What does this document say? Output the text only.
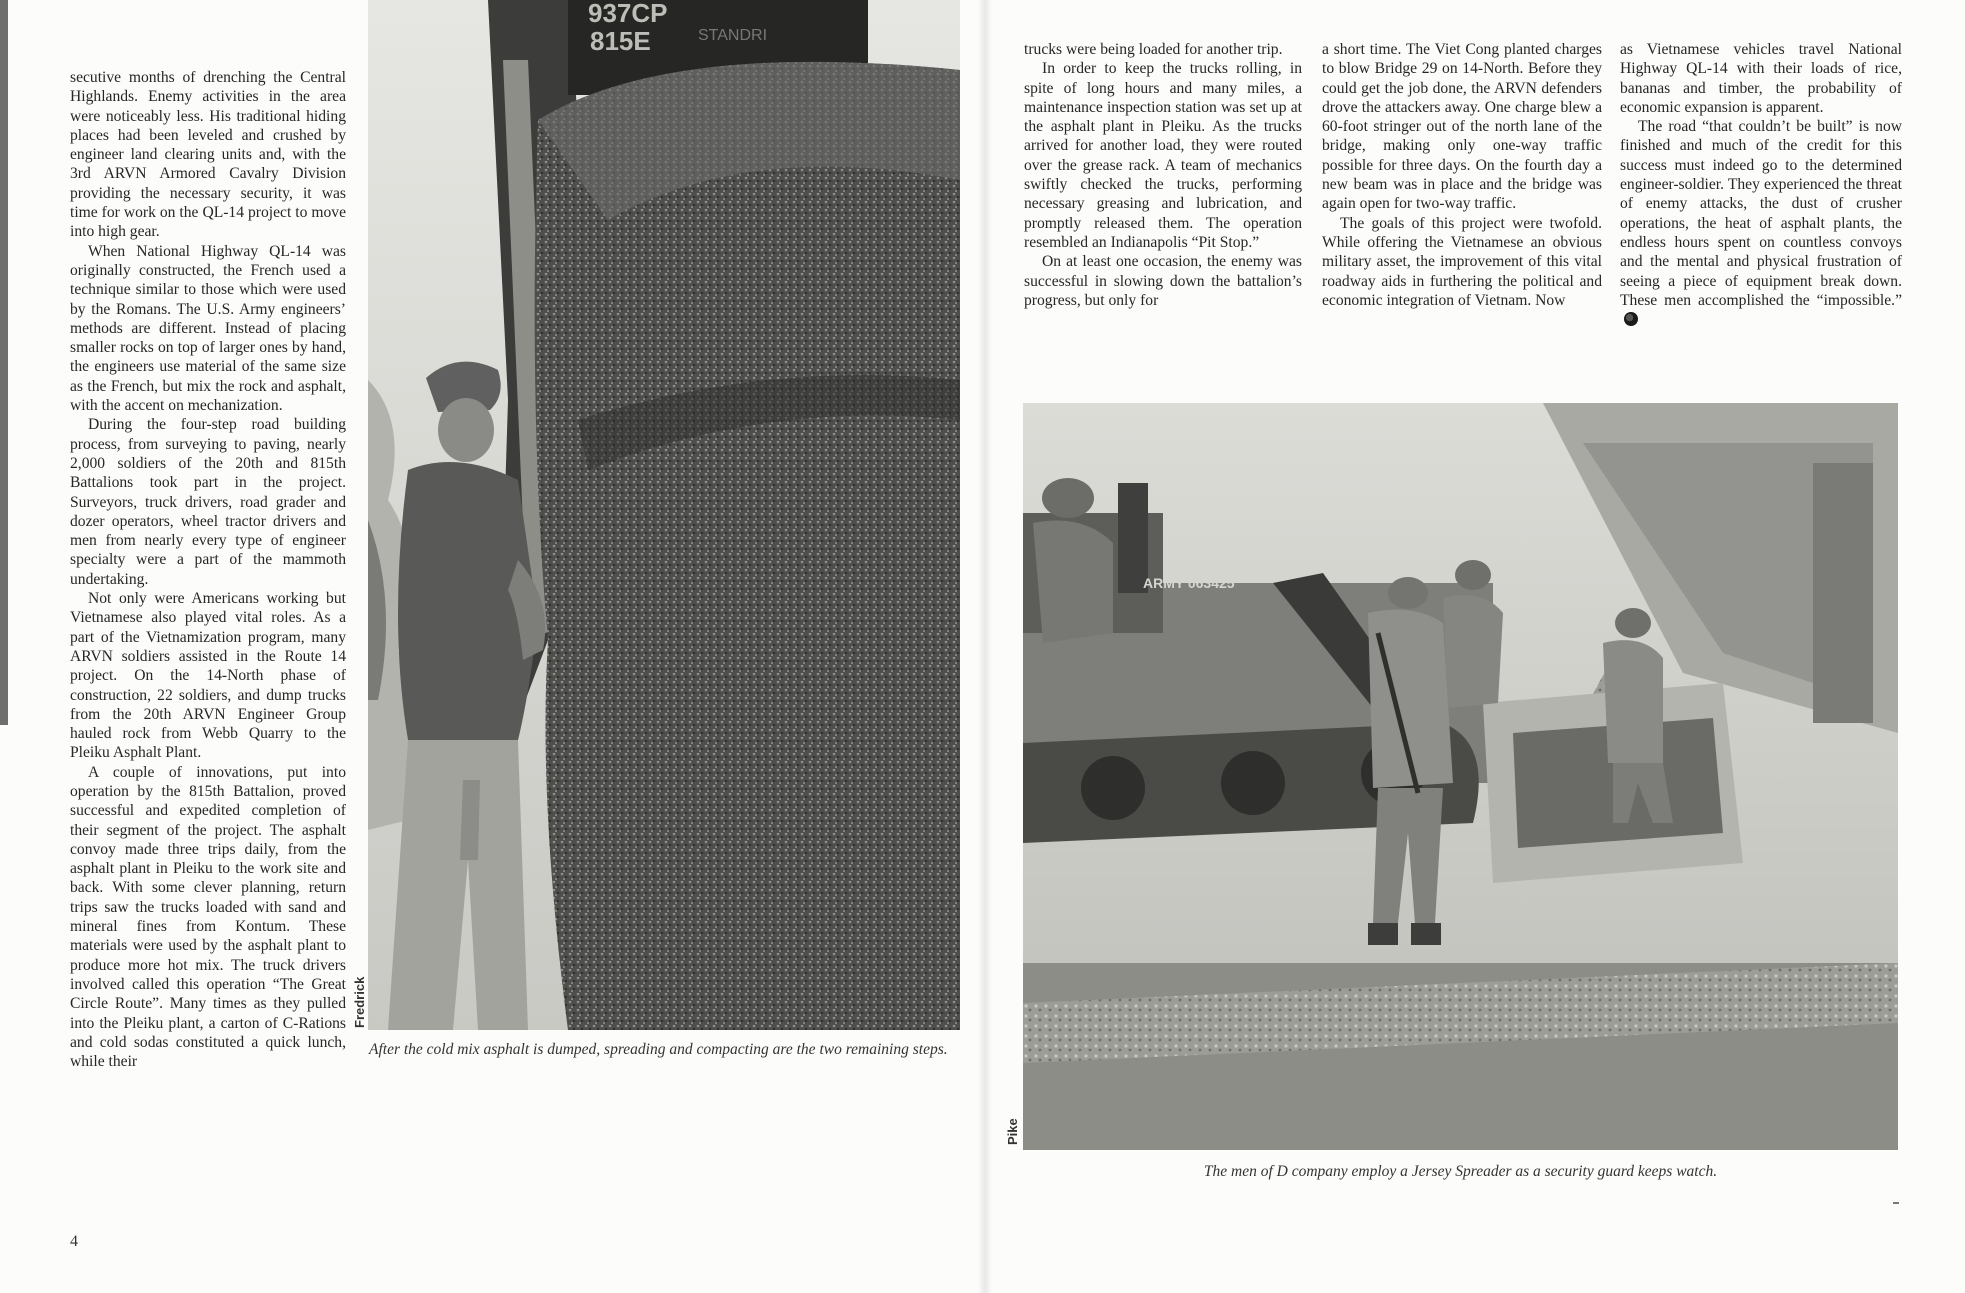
secutive months of drenching the Central Highlands. Enemy activities in the area were noticeably less. His traditional hiding places had been leveled and crushed by engineer land clearing units and, with the 3rd ARVN Armored Cavalry Division providing the necessary security, it was time for work on the QL-14 project to move into high gear.

When National Highway QL-14 was originally constructed, the French used a technique similar to those which were used by the Romans. The U.S. Army engineers’ methods are different. Instead of placing smaller rocks on top of larger ones by hand, the engineers use material of the same size as the French, but mix the rock and asphalt, with the accent on mechanization.

During the four-step road building process, from surveying to paving, nearly 2,000 soldiers of the 20th and 815th Battalions took part in the project. Surveyors, truck drivers, road grader and dozer operators, wheel tractor drivers and men from nearly every type of engineer specialty were a part of the mammoth undertaking.

Not only were Americans working but Vietnamese also played vital roles. As a part of the Vietnamization program, many ARVN soldiers assisted in the Route 14 project. On the 14-North phase of construction, 22 soldiers, and dump trucks from the 20th ARVN Engineer Group hauled rock from Webb Quarry to the Pleiku Asphalt Plant.

A couple of innovations, put into operation by the 815th Battalion, proved successful and expedited completion of their segment of the project. The asphalt convoy made three trips daily, from the asphalt plant in Pleiku to the work site and back. With some clever planning, return trips saw the trucks loaded with sand and mineral fines from Kontum. These materials were used by the asphalt plant to produce more hot mix. The truck drivers involved called this operation “The Great Circle Route”. Many times as they pulled into the Pleiku plant, a carton of C-Rations and cold sodas constituted a quick lunch, while their

937CP
815E	STANDRI
Fredrick
After the cold mix asphalt is dumped, spreading and compacting are the two remaining steps.

trucks were being loaded for another trip.

In order to keep the trucks rolling, in spite of long hours and many miles, a maintenance inspection station was set up at the asphalt plant in Pleiku. As the trucks arrived for another load, they were routed over the grease rack. A team of mechanics swiftly checked the trucks, performing necessary greasing and lubrication, and promptly released them. The operation resembled an Indianapolis “Pit Stop.”

On at least one occasion, the enemy was successful in slowing down the battalion’s progress, but only for

a short time. The Viet Cong planted charges to blow Bridge 29 on 14-North. Before they could get the job done, the ARVN defenders drove the attackers away. One charge blew a 60-foot stringer out of the north lane of the bridge, making only one-way traffic possible for three days. On the fourth day a new beam was in place and the bridge was again open for two-way traffic.

The goals of this project were twofold. While offering the Vietnamese an obvious military asset, the improvement of this vital roadway aids in furthering the political and economic integration of Vietnam. Now

as Vietnamese vehicles travel National Highway QL-14 with their loads of rice, bananas and timber, the probability of economic expansion is apparent.

The road “that couldn’t be built” is now finished and much of the credit for this success must indeed go to the determined engineer-soldier. They experienced the threat of enemy attacks, the dust of crusher operations, the heat of asphalt plants, the endless hours spent on countless convoys and the mental and physical frustration of seeing a piece of equipment break down. These men accomplished the “impossible.”

ARMY 063425
Pike
The men of D company employ a Jersey Spreader as a security guard keeps watch.
4
